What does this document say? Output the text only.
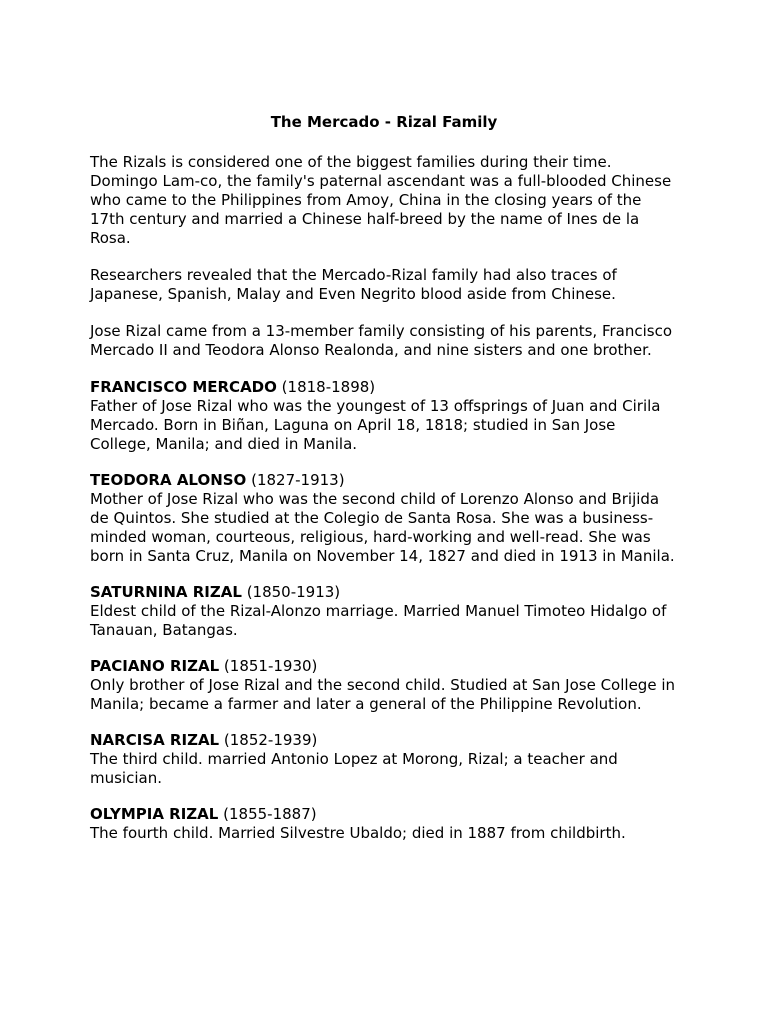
The Mercado - Rizal Family

The Rizals is considered one of the biggest families during their time. Domingo Lam-co, the family's paternal ascendant was a full-blooded Chinese who came to the Philippines from Amoy, China in the closing years of the 17th century and married a Chinese half-breed by the name of Ines de la Rosa.

Researchers revealed that the Mercado-Rizal family had also traces of Japanese, Spanish, Malay and Even Negrito blood aside from Chinese.

Jose Rizal came from a 13-member family consisting of his parents, Francisco Mercado II and Teodora Alonso Realonda, and nine sisters and one brother.

FRANCISCO MERCADO (1818-1898)
Father of Jose Rizal who was the youngest of 13 offsprings of Juan and Cirila Mercado. Born in Biñan, Laguna on April 18, 1818; studied in San Jose College, Manila; and died in Manila.
TEODORA ALONSO (1827-1913)
Mother of Jose Rizal who was the second child of Lorenzo Alonso and Brijida de Quintos. She studied at the Colegio de Santa Rosa. She was a business-minded woman, courteous, religious, hard-working and well-read. She was born in Santa Cruz, Manila on November 14, 1827 and died in 1913 in Manila.
SATURNINA RIZAL (1850-1913)
Eldest child of the Rizal-Alonzo marriage. Married Manuel Timoteo Hidalgo of Tanauan, Batangas.
PACIANO RIZAL (1851-1930)
Only brother of Jose Rizal and the second child. Studied at San Jose College in Manila; became a farmer and later a general of the Philippine Revolution.
NARCISA RIZAL (1852-1939)
The third child. married Antonio Lopez at Morong, Rizal; a teacher and musician.
OLYMPIA RIZAL (1855-1887)
The fourth child. Married Silvestre Ubaldo; died in 1887 from childbirth.
